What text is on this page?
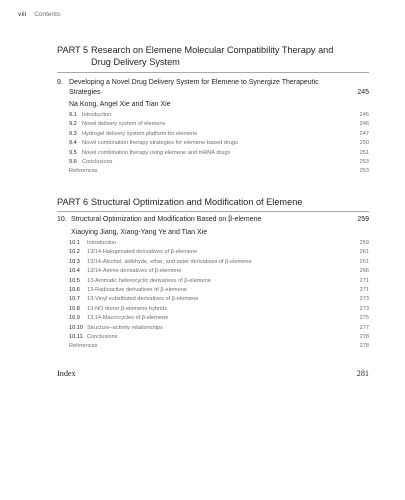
viii Contents
PART 5 Research on Elemene Molecular Compatibility Therapy and Drug Delivery System
9. Developing a Novel Drug Delivery System for Elemene to Synergize Therapeutic Strategies	245
Na Kong, Angel Xie and Tian Xie
9.1 Introduction	245
9.2 Novel delivery system of elemene	246
9.3 Hydrogel delivery system platform for elemene	247
9.4 Novel combination therapy strategies for elemene-based drugs	250
9.5 Novel combination therapy using elemene and mRNA drugs	251
9.6 Conclusions	253
References	253
PART 6 Structural Optimization and Modification of Elemene
10. Structural Optimization and Modification Based on β-elemene	259
Xiaoying Jiang, Xiang-Yang Ye and Tian Xie
10.1	Introduction	259
10.2	13/14-Halogenated derivatives of β-elemene	261
10.3	13/14-Alcohol, aldehyde, ether, and ester derivatives of β-elemene	261
10.4	13/14-Amine derivatives of β-elemene	266
10.5	13-Aromatic heterocyclic derivatives of β-elemene	271
10.6	13-Radioactive derivatives of β-elemene	271
10.7	13-Vinyl substituted derivatives of β-elemene	273
10.8	13-NO donor β-elemene hybrids	273
10.9	13,14-Macrocycles of β-elemene	275
10.10 Structure–activity relationships	277
10.11 Conclusions	278
References	278
Index	281
